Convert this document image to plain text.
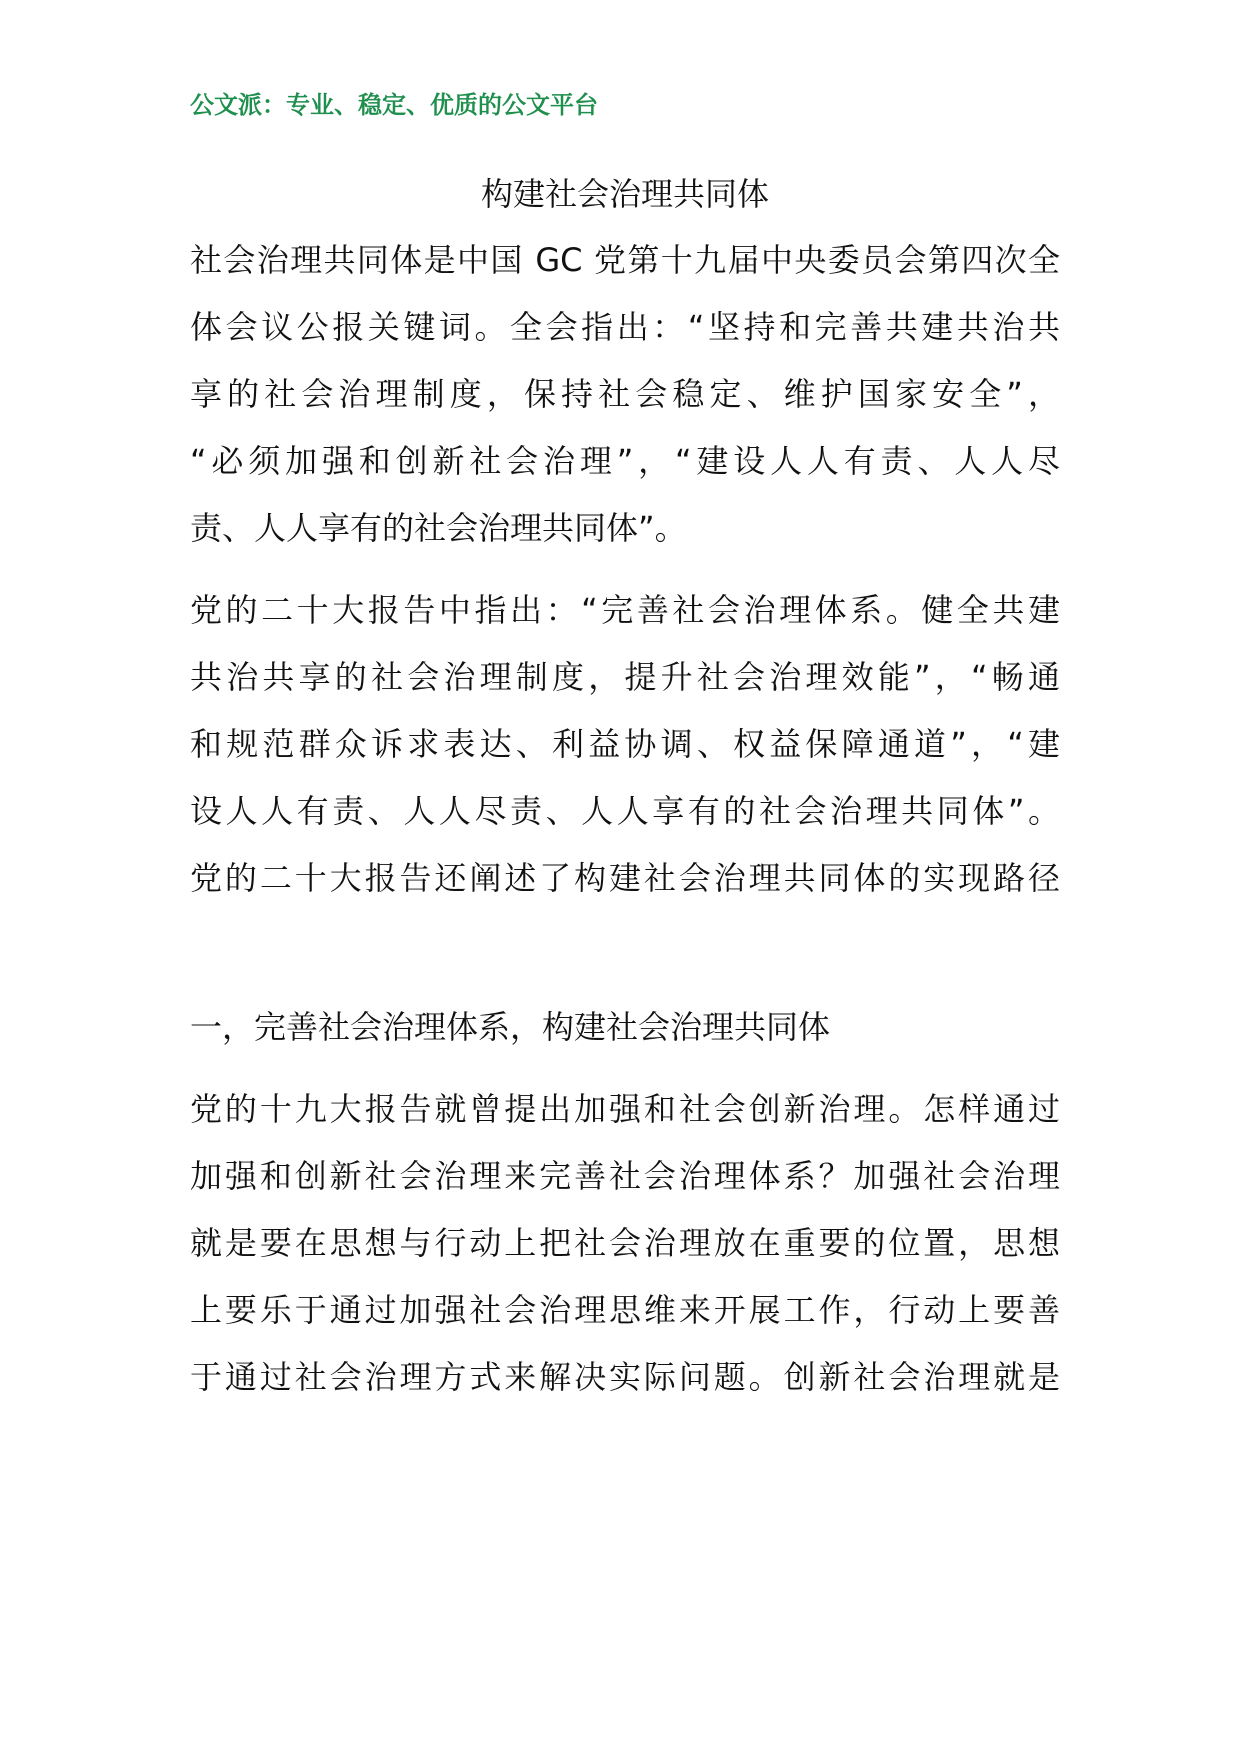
公文派：专业、稳定、优质的公文平台
构建社会治理共同体
社会治理共同体是中国 GC 党第十九届中央委员会第四次全
体会议公报关键词。全会指出：“坚持和完善共建共治共
享的社会治理制度，保持社会稳定、维护国家安全”，
“必须加强和创新社会治理”，“建设人人有责、人人尽
责、人人享有的社会治理共同体”。
党的二十大报告中指出：“完善社会治理体系。健全共建
共治共享的社会治理制度，提升社会治理效能”，“畅通
和规范群众诉求表达、利益协调、权益保障通道”，“建
设人人有责、人人尽责、人人享有的社会治理共同体”。
党的二十大报告还阐述了构建社会治理共同体的实现路径
一，完善社会治理体系，构建社会治理共同体
党的十九大报告就曾提出加强和社会创新治理。怎样通过
加强和创新社会治理来完善社会治理体系？加强社会治理
就是要在思想与行动上把社会治理放在重要的位置，思想
上要乐于通过加强社会治理思维来开展工作，行动上要善
于通过社会治理方式来解决实际问题。创新社会治理就是
